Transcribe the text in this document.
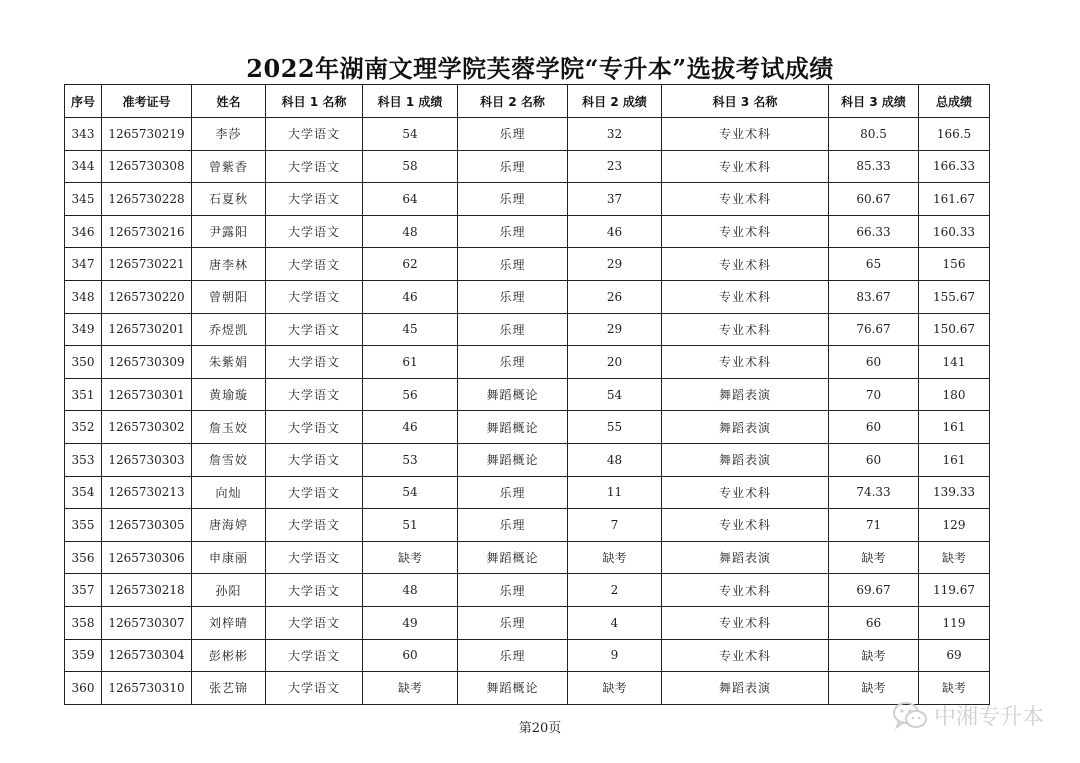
2022年湖南文理学院芙蓉学院“专升本”选拔考试成绩
序号	准考证号	姓名	科目 1 名称	科目 1 成绩	科目 2 名称	科目 2 成绩	科目 3 名称	科目 3 成绩	总成绩
343	1265730219	李莎	大学语文	54	乐理	32	专业术科	80.5	166.5
344	1265730308	曾紫香	大学语文	58	乐理	23	专业术科	85.33	166.33
345	1265730228	石夏秋	大学语文	64	乐理	37	专业术科	60.67	161.67
346	1265730216	尹露阳	大学语文	48	乐理	46	专业术科	66.33	160.33
347	1265730221	唐李林	大学语文	62	乐理	29	专业术科	65	156
348	1265730220	曾朝阳	大学语文	46	乐理	26	专业术科	83.67	155.67
349	1265730201	乔煜凯	大学语文	45	乐理	29	专业术科	76.67	150.67
350	1265730309	朱紫娟	大学语文	61	乐理	20	专业术科	60	141
351	1265730301	黄瑜璇	大学语文	56	舞蹈概论	54	舞蹈表演	70	180
352	1265730302	詹玉姣	大学语文	46	舞蹈概论	55	舞蹈表演	60	161
353	1265730303	詹雪姣	大学语文	53	舞蹈概论	48	舞蹈表演	60	161
354	1265730213	向灿	大学语文	54	乐理	11	专业术科	74.33	139.33
355	1265730305	唐海婷	大学语文	51	乐理	7	专业术科	71	129
356	1265730306	申康丽	大学语文	缺考	舞蹈概论	缺考	舞蹈表演	缺考	缺考
357	1265730218	孙阳	大学语文	48	乐理	2	专业术科	69.67	119.67
358	1265730307	刘梓晴	大学语文	49	乐理	4	专业术科	66	119
359	1265730304	彭彬彬	大学语文	60	乐理	9	专业术科	缺考	69
360	1265730310	张艺锦	大学语文	缺考	舞蹈概论	缺考	舞蹈表演	缺考	缺考
第20页	中湘专升本
